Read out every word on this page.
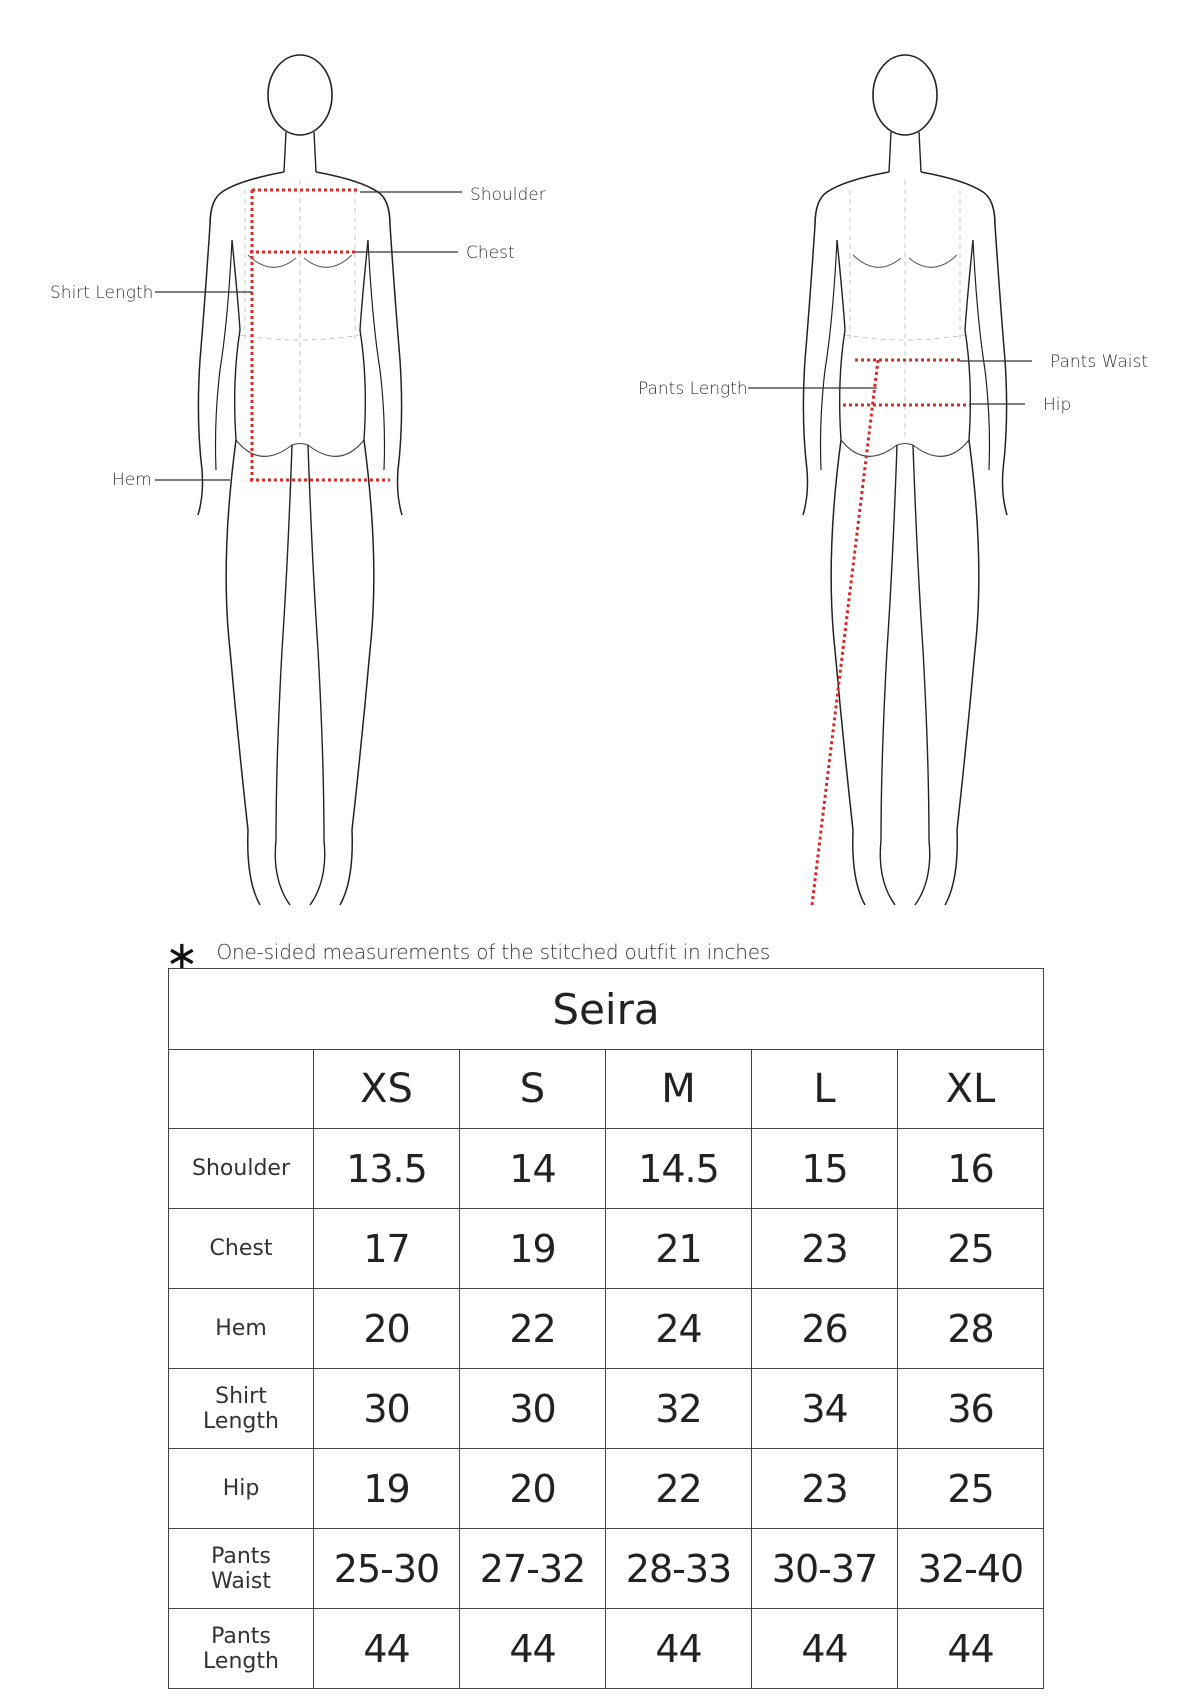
Shoulder
Chest
Shirt Length
Hem
Pants Waist
Hip
Pants Length
∗ One-sided measurements of the stitched outfit in inches
Seira					
	XS	S	M	L	XL
Shoulder	13.5	14	14.5	15	16
Chest	17	19	21	23	25
Hem	20	22	24	26	28
Shirt
Length	30	30	32	34	36
Hip	19	20	22	23	25
Pants
Waist	25-30	27-32	28-33	30-37	32-40
Pants
Length	44	44	44	44	44
